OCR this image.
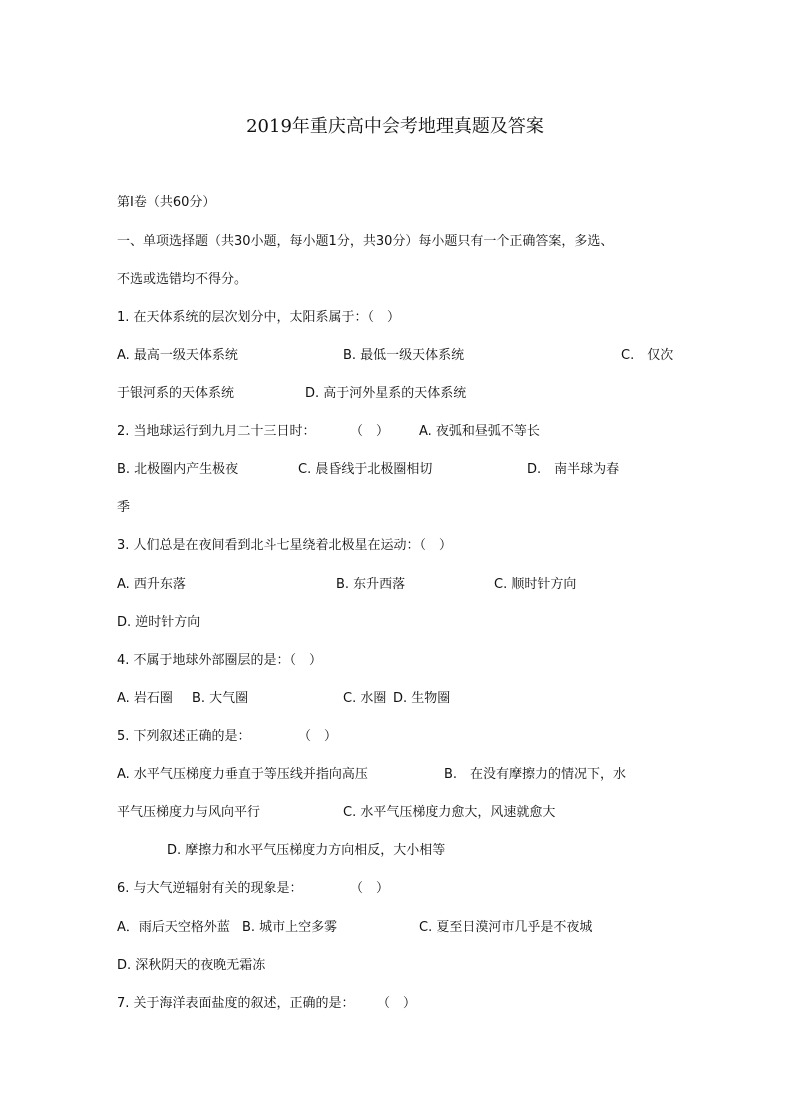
2019年重庆高中会考地理真题及答案
第Ⅰ卷（共60分）
一、单项选择题（共30小题，每小题1分，共30分）每小题只有一个正确答案，多选、
不选或选错均不得分。
1. 在天体系统的层次划分中，太阳系属于：（　）
A. 最高一级天体系统	B. 最低一级天体系统	C.　仅次
于银河系的天体系统	D. 高于河外星系的天体系统
2. 当地球运行到九月二十三日时：	（　） A. 夜弧和昼弧不等长
B. 北极圈内产生极夜	C. 晨昏线于北极圈相切	D.　南半球为春
季
3. 人们总是在夜间看到北斗七星绕着北极星在运动：（　）
A. 西升东落	B. 东升西落	C. 顺时针方向
D. 逆时针方向
4. 不属于地球外部圈层的是：（　）
A. 岩石圈 B. 大气圈	C. 水圈 D. 生物圈
5. 下列叙述正确的是：	（　）
A. 水平气压梯度力垂直于等压线并指向高压	B.　在没有摩擦力的情况下，水
平气压梯度力与风向平行	C. 水平气压梯度力愈大，风速就愈大
D. 摩擦力和水平气压梯度力方向相反，大小相等
6. 与大气逆辐射有关的现象是：	（　）
A．雨后天空格外蓝 B. 城市上空多雾	C. 夏至日漠河市几乎是不夜城
D. 深秋阴天的夜晚无霜冻
7. 关于海洋表面盐度的叙述，正确的是： （　）
